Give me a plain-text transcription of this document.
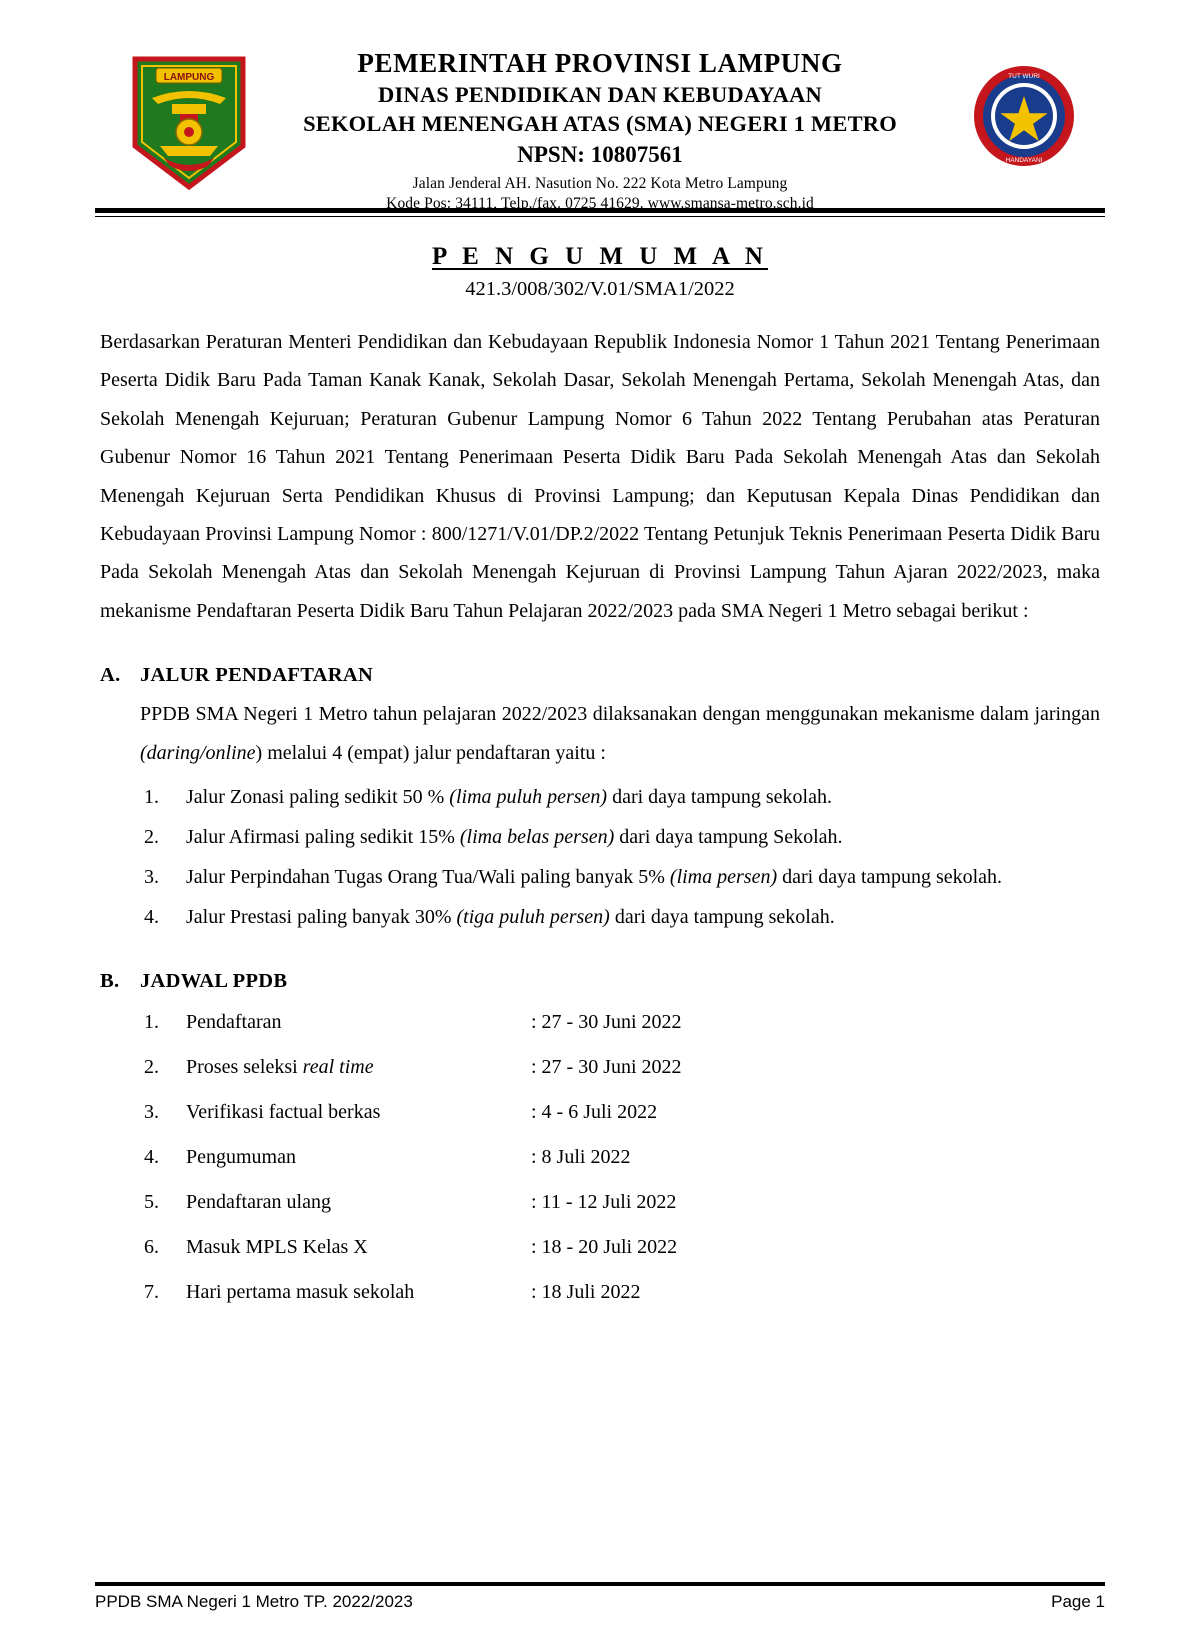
LAMPUNG	TUT WURI
HANDAYANI
PEMERINTAH PROVINSI LAMPUNG
DINAS PENDIDIKAN DAN KEBUDAYAAN
SEKOLAH MENENGAH ATAS (SMA) NEGERI 1 METRO
NPSN: 10807561
Jalan Jenderal AH. Nasution No. 222 Kota Metro Lampung
Kode Pos: 34111, Telp./fax. 0725 41629. www.smansa-metro.sch.id
P E N G U M U M A N
421.3/008/302/V.01/SMA1/2022

Berdasarkan Peraturan Menteri Pendidikan dan Kebudayaan Republik Indonesia Nomor 1 Tahun 2021 Tentang Penerimaan Peserta Didik Baru Pada Taman Kanak Kanak, Sekolah Dasar, Sekolah Menengah Pertama, Sekolah Menengah Atas, dan Sekolah Menengah Kejuruan; Peraturan Gubenur Lampung Nomor 6 Tahun 2022 Tentang Perubahan atas Peraturan Gubenur Nomor 16 Tahun 2021 Tentang Penerimaan Peserta Didik Baru Pada Sekolah Menengah Atas dan Sekolah Menengah Kejuruan Serta Pendidikan Khusus di Provinsi Lampung; dan Keputusan Kepala Dinas Pendidikan dan Kebudayaan Provinsi Lampung Nomor : 800/1271/V.01/DP.2/2022 Tentang Petunjuk Teknis Penerimaan Peserta Didik Baru Pada Sekolah Menengah Atas dan Sekolah Menengah Kejuruan di Provinsi Lampung Tahun Ajaran 2022/2023, maka mekanisme Pendaftaran Peserta Didik Baru Tahun Pelajaran 2022/2023 pada SMA Negeri 1 Metro sebagai berikut :

A. JALUR PENDAFTARAN

PPDB SMA Negeri 1 Metro tahun pelajaran 2022/2023 dilaksanakan dengan menggunakan mekanisme dalam jaringan (daring/online) melalui 4 (empat) jalur pendaftaran yaitu :

1.	Jalur Zonasi paling sedikit 50 % (lima puluh persen) dari daya tampung sekolah.
2.	Jalur Afirmasi paling sedikit 15% (lima belas persen) dari daya tampung Sekolah.
3.	Jalur Perpindahan Tugas Orang Tua/Wali paling banyak 5% (lima persen) dari daya tampung sekolah.
4.	Jalur Prestasi paling banyak 30% (tiga puluh persen) dari daya tampung sekolah.
B.	JADWAL PPDB
1.	Pendaftaran	: 27 - 30 Juni 2022
2.	Proses seleksi real time	: 27 - 30 Juni 2022
3.	Verifikasi factual berkas	: 4 - 6 Juli 2022
4.	Pengumuman	: 8 Juli 2022
5.	Pendaftaran ulang	: 11 - 12 Juli 2022
6.	Masuk MPLS Kelas X	: 18 - 20 Juli 2022
7.	Hari pertama masuk sekolah	: 18 Juli 2022
PPDB SMA Negeri 1 Metro TP. 2022/2023	Page 1
